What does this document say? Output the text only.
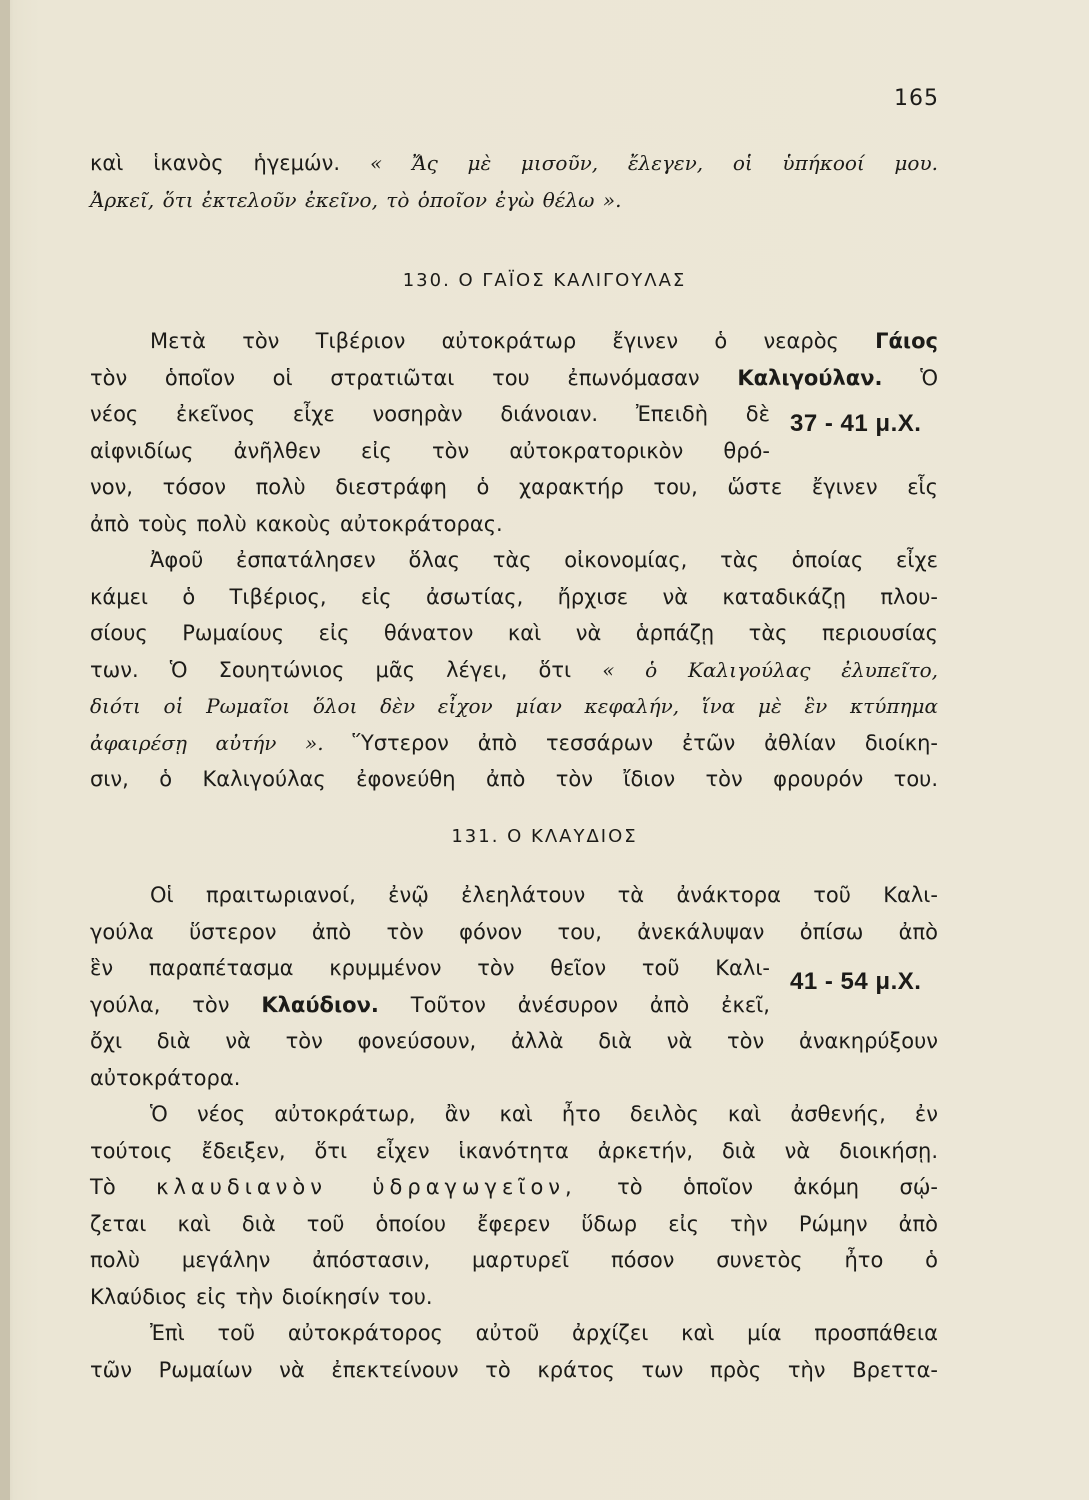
165
καὶ ἱκανὸς ἡγεμών. « Ἄς μὲ μισοῦν, ἔλεγεν, οἱ ὑπήκοοί μου.
Ἀρκεῖ, ὅτι ἐκτελοῦν ἐκεῖνο, τὸ ὁποῖον ἐγὼ θέλω ».
130. Ο ΓΑΪΟΣ ΚΑΛΙΓΟΥΛΑΣ
Μετὰ τὸν Τιβέριον αὐτοκράτωρ ἔγινεν ὁ νεαρὸς Γάιος
τὸν ὁποῖον οἱ στρατιῶται του ἐπωνόμασαν Καλιγούλαν. Ὁ
νέος ἐκεῖνος εἶχε νοσηρὰν διάνοιαν. Ἐπειδὴ δὲ
αἰφνιδίως ἀνῆλθεν εἰς τὸν αὐτοκρατορικὸν θρό-
νον, τόσον πολὺ διεστράφη ὁ χαρακτήρ του, ὥστε ἔγινεν εἷς
ἀπὸ τοὺς πολὺ κακοὺς αὐτοκράτορας.
Ἀφοῦ ἐσπατάλησεν ὅλας τὰς οἰκονομίας, τὰς ὁποίας εἶχε
κάμει ὁ Τιβέριος, εἰς ἀσωτίας, ἤρχισε νὰ καταδικάζῃ πλου-
σίους Ρωμαίους εἰς θάνατον καὶ νὰ ἁρπάζῃ τὰς περιουσίας
των. Ὁ Σουητώνιος μᾶς λέγει, ὅτι « ὁ Καλιγούλας ἐλυπεῖτο,
διότι οἱ Ρωμαῖοι ὅλοι δὲν εἶχον μίαν κεφαλήν, ἵνα μὲ ἓν κτύπημα
ἀφαιρέσῃ αὐτήν ». Ὕστερον ἀπὸ τεσσάρων ἐτῶν ἀθλίαν διοίκη-
σιν, ὁ Καλιγούλας ἐφονεύθη ἀπὸ τὸν ἴδιον τὸν φρουρόν του.
37 - 41 μ.Χ.
131. Ο ΚΛΑΥΔΙΟΣ
Οἱ πραιτωριανοί, ἐνῷ ἐλεηλάτουν τὰ ἀνάκτορα τοῦ Καλι-
γούλα ὕστερον ἀπὸ τὸν φόνον του, ἀνεκάλυψαν ὀπίσω ἀπὸ
ἓν παραπέτασμα κρυμμένον τὸν θεῖον τοῦ Καλι-
γούλα, τὸν Κλαύδιον. Τοῦτον ἀνέσυρον ἀπὸ ἐκεῖ,
ὄχι διὰ νὰ τὸν φονεύσουν, ἀλλὰ διὰ νὰ τὸν ἀνακηρύξουν
αὐτοκράτορα.
Ὁ νέος αὐτοκράτωρ, ἂν καὶ ἦτο δειλὸς καὶ ἀσθενής, ἐν
τούτοις ἔδειξεν, ὅτι εἶχεν ἱκανότητα ἀρκετήν, διὰ νὰ διοικήσῃ.
Τὸ κλαυδιανὸν ὑδραγωγεῖον, τὸ ὁποῖον ἀκόμη σῴ-
ζεται καὶ διὰ τοῦ ὁποίου ἔφερεν ὕδωρ εἰς τὴν Ρώμην ἀπὸ
πολὺ μεγάλην ἀπόστασιν, μαρτυρεῖ πόσον συνετὸς ἦτο ὁ
Κλαύδιος εἰς τὴν διοίκησίν του.
Ἐπὶ τοῦ αὐτοκράτορος αὐτοῦ ἀρχίζει καὶ μία προσπάθεια
τῶν Ρωμαίων νὰ ἐπεκτείνουν τὸ κράτος των πρὸς τὴν Βρεττα-
41 - 54 μ.Χ.
